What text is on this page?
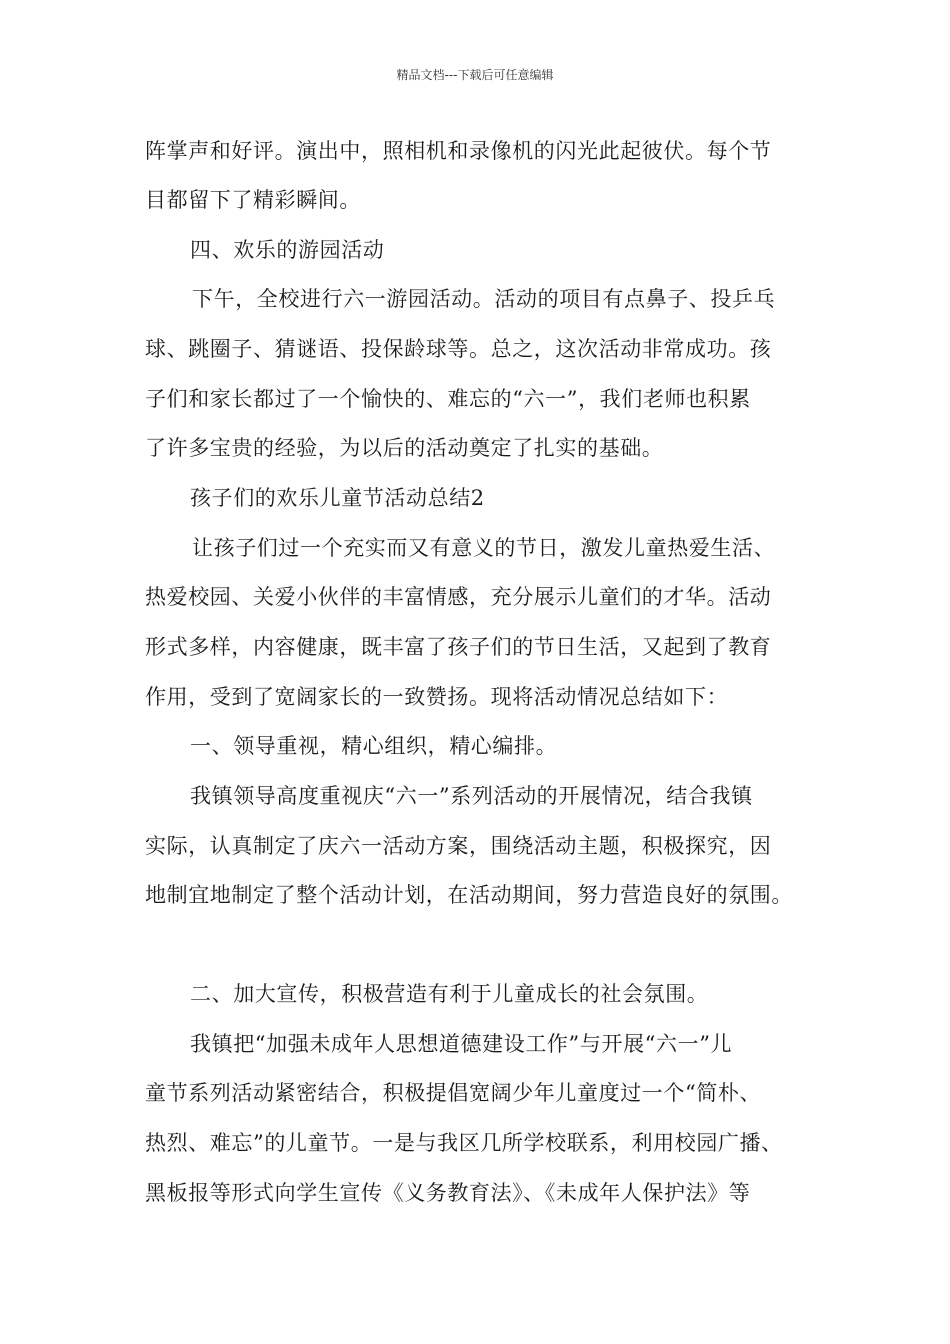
精品文档---下载后可任意编辑
阵掌声和好评。演出中，照相机和录像机的闪光此起彼伏。每个节
目都留下了精彩瞬间。
四、欢乐的游园活动
下午，全校进行六一游园活动。活动的项目有点鼻子、投乒乓
球、跳圈子、猜谜语、投保龄球等。总之，这次活动非常成功。孩
子们和家长都过了一个愉快的、难忘的“六一”，我们老师也积累
了许多宝贵的经验，为以后的活动奠定了扎实的基础。
孩子们的欢乐儿童节活动总结2
让孩子们过一个充实而又有意义的节日，激发儿童热爱生活、
热爱校园、关爱小伙伴的丰富情感，充分展示儿童们的才华。活动
形式多样，内容健康，既丰富了孩子们的节日生活，又起到了教育
作用，受到了宽阔家长的一致赞扬。现将活动情况总结如下：
一、领导重视，精心组织，精心编排。
我镇领导高度重视庆“六一”系列活动的开展情况，结合我镇
实际，认真制定了庆六一活动方案，围绕活动主题，积极探究，因
地制宜地制定了整个活动计划，在活动期间，努力营造良好的氛围。
二、加大宣传，积极营造有利于儿童成长的社会氛围。
我镇把“加强未成年人思想道德建设工作”与开展“六一”儿
童节系列活动紧密结合，积极提倡宽阔少年儿童度过一个“简朴、
热烈、难忘”的儿童节。一是与我区几所学校联系，利用校园广播、
黑板报等形式向学生宣传《义务教育法》、《未成年人保护法》等
